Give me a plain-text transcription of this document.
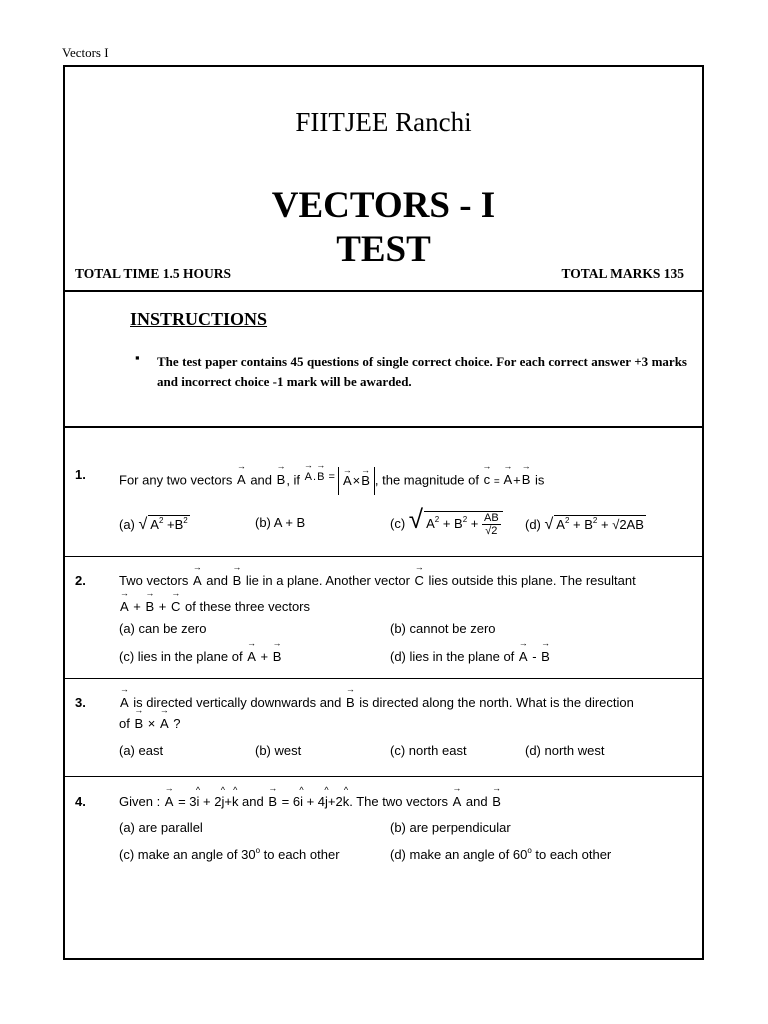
Vectors I
FIITJEE Ranchi
VECTORS - I
TEST
TOTAL TIME 1.5 HOURS	TOTAL MARKS 135
INSTRUCTIONS
▪ The test paper contains 45 questions of single correct choice. For each correct answer +3 marks and incorrect choice -1 mark will be awarded.
1.	For any two vectors → A and → B, if → $^{A.\to B =}$ → A×→ B , the magnitude of → c = → A+→ B is
(a) √ $A^2 +B^2$	(b) A + B	(c) √ $A^2 + B^2 + \frac{AB}{√2} (d)$ √ $A^2 + B^2 + √2AB$
2.	Two vectors → A and → B lie in a plane. Another vector → C lies outside this plane. The resultant
→ A + → B + → C of these three vectors
(a) can be zero	(b) cannot be zero
(c) lies in the plane of → A + → B	(d) lies in the plane of → A - → B
3.
→	A is directed vertically downwards and → B is directed along the north. What is the direction
of → B × → A ?
(a) east	(b) west	(c) north east	(d) north west
4.	Given : → A = 3^ i + 2^ j+^ k and → B = 6^ i + 4^ j+2^ k. The two vectors → A and → B
(a) are parallel	(b) are perpendicular
(c) make an angle of 30$^o$ to each other	(d) make an angle of 60$^o$ to each other
